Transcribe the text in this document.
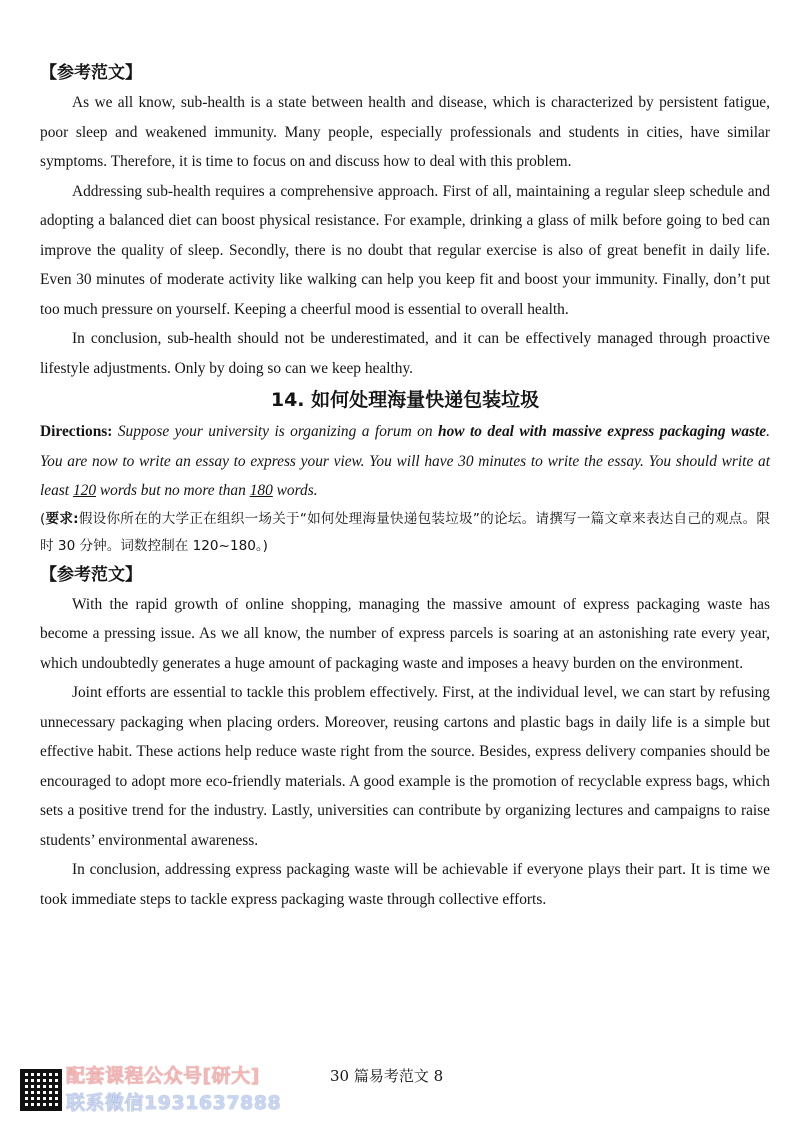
【参考范文】

As we all know, sub-health is a state between health and disease, which is characterized by persistent fatigue, poor sleep and weakened immunity. Many people, especially professionals and students in cities, have similar symptoms. Therefore, it is time to focus on and discuss how to deal with this problem.

Addressing sub-health requires a comprehensive approach. First of all, maintaining a regular sleep schedule and adopting a balanced diet can boost physical resistance. For example, drinking a glass of milk before going to bed can improve the quality of sleep. Secondly, there is no doubt that regular exercise is also of great benefit in daily life. Even 30 minutes of moderate activity like walking can help you keep fit and boost your immunity. Finally, don’t put too much pressure on yourself. Keeping a cheerful mood is essential to overall health.

In conclusion, sub-health should not be underestimated, and it can be effectively managed through proactive lifestyle adjustments. Only by doing so can we keep healthy.

14. 如何处理海量快递包装垃圾

Directions: Suppose your university is organizing a forum on how to deal with massive express packaging waste. You are now to write an essay to express your view. You will have 30 minutes to write the essay. You should write at least 120 words but no more than 180 words.

(要求:假设你所在的大学正在组织一场关于“如何处理海量快递包装垃圾”的论坛。请撰写一篇文章来表达自己的观点。限时 30 分钟。词数控制在 120~180。)

【参考范文】

With the rapid growth of online shopping, managing the massive amount of express packaging waste has become a pressing issue. As we all know, the number of express parcels is soaring at an astonishing rate every year, which undoubtedly generates a huge amount of packaging waste and imposes a heavy burden on the environment.

Joint efforts are essential to tackle this problem effectively. First, at the individual level, we can start by refusing unnecessary packaging when placing orders. Moreover, reusing cartons and plastic bags in daily life is a simple but effective habit. These actions help reduce waste right from the source. Besides, express delivery companies should be encouraged to adopt more eco-friendly materials. A good example is the promotion of recyclable express bags, which sets a positive trend for the industry. Lastly, universities can contribute by organizing lectures and campaigns to raise students’ environmental awareness.

In conclusion, addressing express packaging waste will be achievable if everyone plays their part. It is time we took immediate steps to tackle express packaging waste through collective efforts.

配套课程公众号[研大]
联系微信1931637888
30 篇易考范文 8
